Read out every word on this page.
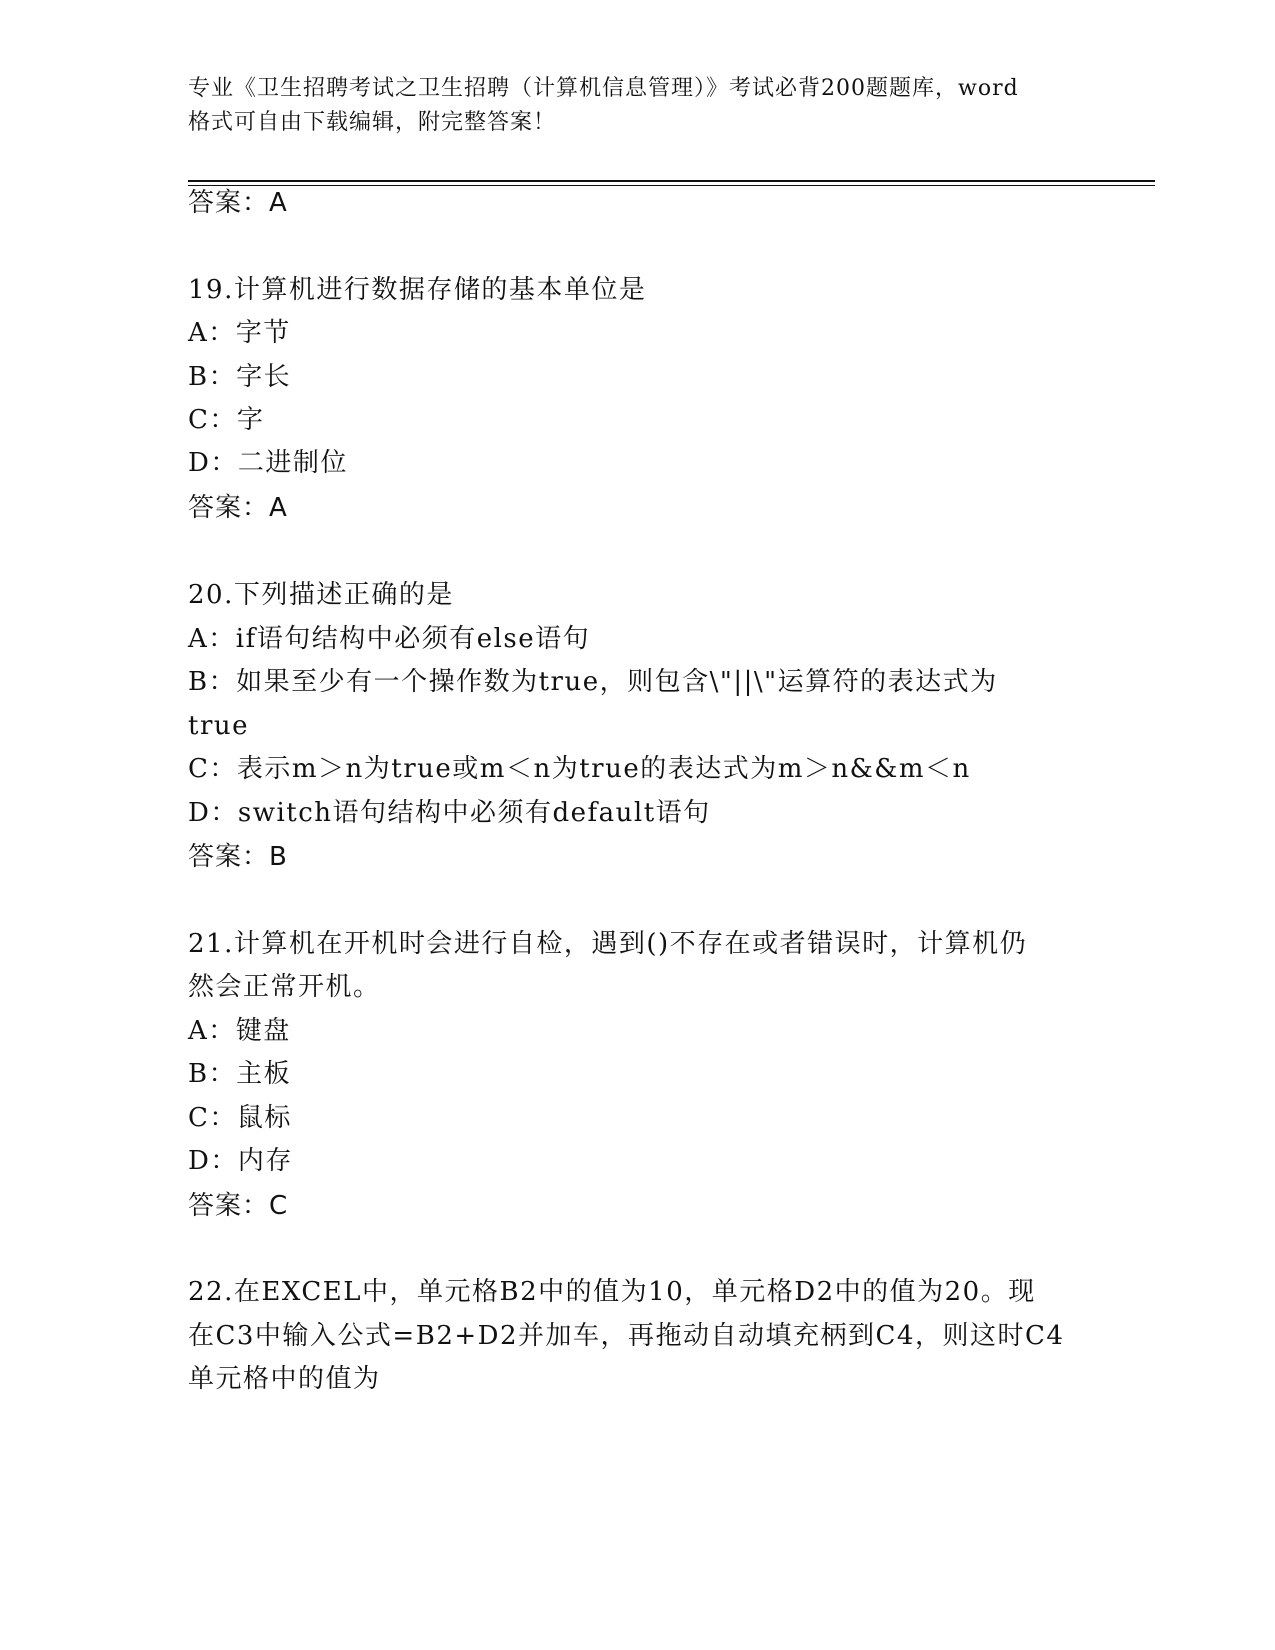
专业《卫生招聘考试之卫生招聘（计算机信息管理）》考试必背200题题库，word
格式可自由下载编辑，附完整答案！
答案：A
19.计算机进行数据存储的基本单位是
A：字节
B：字长
C：字
D：二进制位
答案：A
20.下列描述正确的是
A：if语句结构中必须有else语句
B：如果至少有一个操作数为true，则包含\"||\"运算符的表达式为
true
C：表示m＞n为true或m＜n为true的表达式为m＞n&&m＜n
D：switch语句结构中必须有default语句
答案：B
21.计算机在开机时会进行自检，遇到()不存在或者错误时，计算机仍
然会正常开机。
A：键盘
B：主板
C：鼠标
D：内存
答案：C
22.在EXCEL中，单元格B2中的值为10，单元格D2中的值为20。现
在C3中输入公式=B2+D2并加车，再拖动自动填充柄到C4，则这时C4
单元格中的值为
